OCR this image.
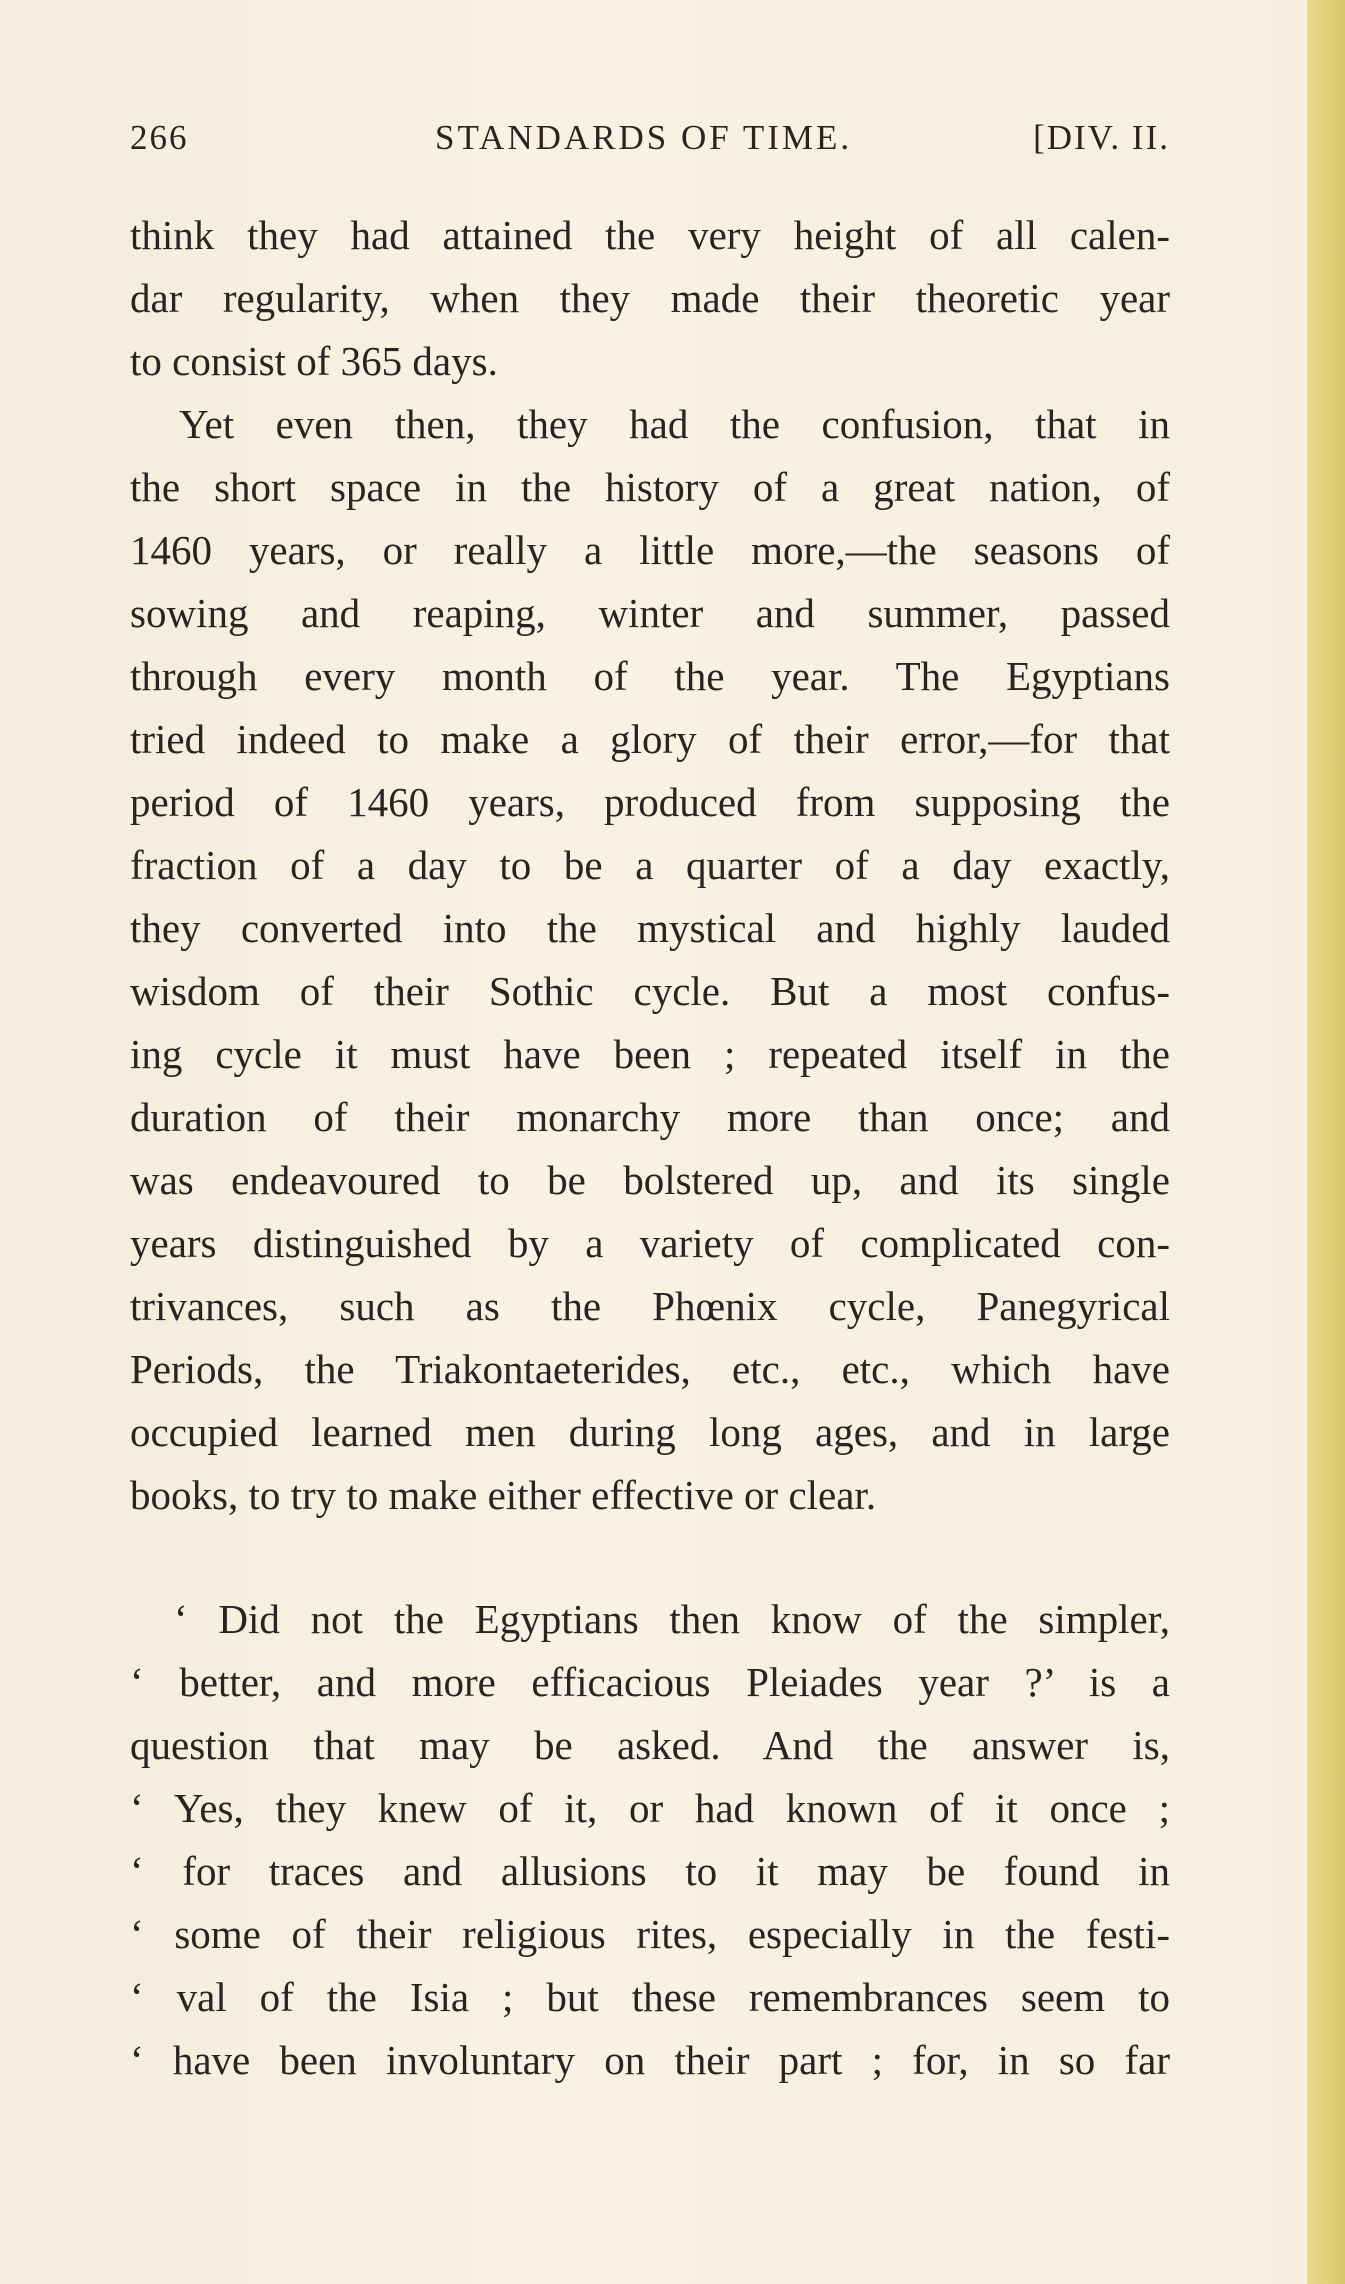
266	STANDARDS OF TIME.	[DIV. II.
think they had attained the very height of all calen-
dar regularity, when they made their theoretic year
to consist of 365 days.
Yet even then, they had the confusion, that in
the short space in the history of a great nation, of
1460 years, or really a little more,—the seasons of
sowing and reaping, winter and summer, passed
through every month of the year. The Egyptians
tried indeed to make a glory of their error,—for that
period of 1460 years, produced from supposing the
fraction of a day to be a quarter of a day exactly,
they converted into the mystical and highly lauded
wisdom of their Sothic cycle. But a most confus-
ing cycle it must have been ; repeated itself in the
duration of their monarchy more than once; and
was endeavoured to be bolstered up, and its single
years distinguished by a variety of complicated con-
trivances, such as the Phœnix cycle, Panegyrical
Periods, the Triakontaeterides, etc., etc., which have
occupied learned men during long ages, and in large
books, to try to make either effective or clear.
‘ Did not the Egyptians then know of the simpler,
‘ better, and more efficacious Pleiades year ?’ is a
question that may be asked. And the answer is,
‘ Yes, they knew of it, or had known of it once ;
‘ for traces and allusions to it may be found in
‘ some of their religious rites, especially in the festi-
‘ val of the Isia ; but these remembrances seem to
‘ have been involuntary on their part ; for, in so far
